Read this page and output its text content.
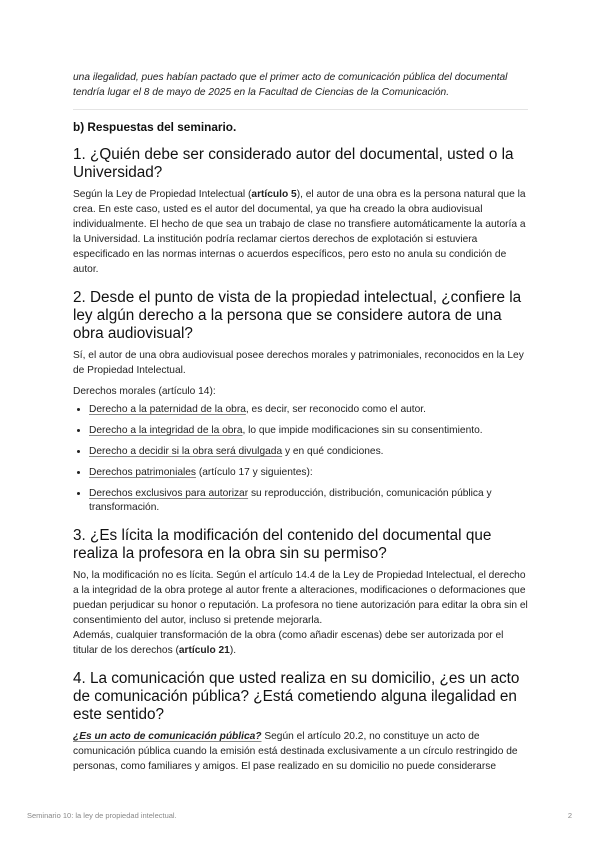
una ilegalidad, pues habían pactado que el primer acto de comunicación pública del documental tendría lugar el 8 de mayo de 2025 en la Facultad de Ciencias de la Comunicación.

b) Respuestas del seminario.
1. ¿Quién debe ser considerado autor del documental, usted o la Universidad?

Según la Ley de Propiedad Intelectual (artículo 5), el autor de una obra es la persona natural que la crea. En este caso, usted es el autor del documental, ya que ha creado la obra audiovisual individualmente. El hecho de que sea un trabajo de clase no transfiere automáticamente la autoría a la Universidad. La institución podría reclamar ciertos derechos de explotación si estuviera especificado en las normas internas o acuerdos específicos, pero esto no anula su condición de autor.

2. Desde el punto de vista de la propiedad intelectual, ¿confiere la ley algún derecho a la persona que se considere autora de una obra audiovisual?

Sí, el autor de una obra audiovisual posee derechos morales y patrimoniales, reconocidos en la Ley de Propiedad Intelectual.

Derechos morales (artículo 14):

• Derecho a la paternidad de la obra, es decir, ser reconocido como el autor.
• Derecho a la integridad de la obra, lo que impide modificaciones sin su consentimiento.
• Derecho a decidir si la obra será divulgada y en qué condiciones.
• Derechos patrimoniales (artículo 17 y siguientes):
• Derechos exclusivos para autorizar su reproducción, distribución, comunicación pública y transformación.
3. ¿Es lícita la modificación del contenido del documental que realiza la profesora en la obra sin su permiso?

No, la modificación no es lícita. Según el artículo 14.4 de la Ley de Propiedad Intelectual, el derecho a la integridad de la obra protege al autor frente a alteraciones, modificaciones o deformaciones que puedan perjudicar su honor o reputación. La profesora no tiene autorización para editar la obra sin el consentimiento del autor, incluso si pretende mejorarla.

Además, cualquier transformación de la obra (como añadir escenas) debe ser autorizada por el titular de los derechos (artículo 21).

4. La comunicación que usted realiza en su domicilio, ¿es un acto de comunicación pública? ¿Está cometiendo alguna ilegalidad en este sentido?

¿Es un acto de comunicación pública? Según el artículo 20.2, no constituye un acto de comunicación pública cuando la emisión está destinada exclusivamente a un círculo restringido de personas, como familiares y amigos. El pase realizado en su domicilio no puede considerarse

Seminario 10: la ley de propiedad intelectual.	2
